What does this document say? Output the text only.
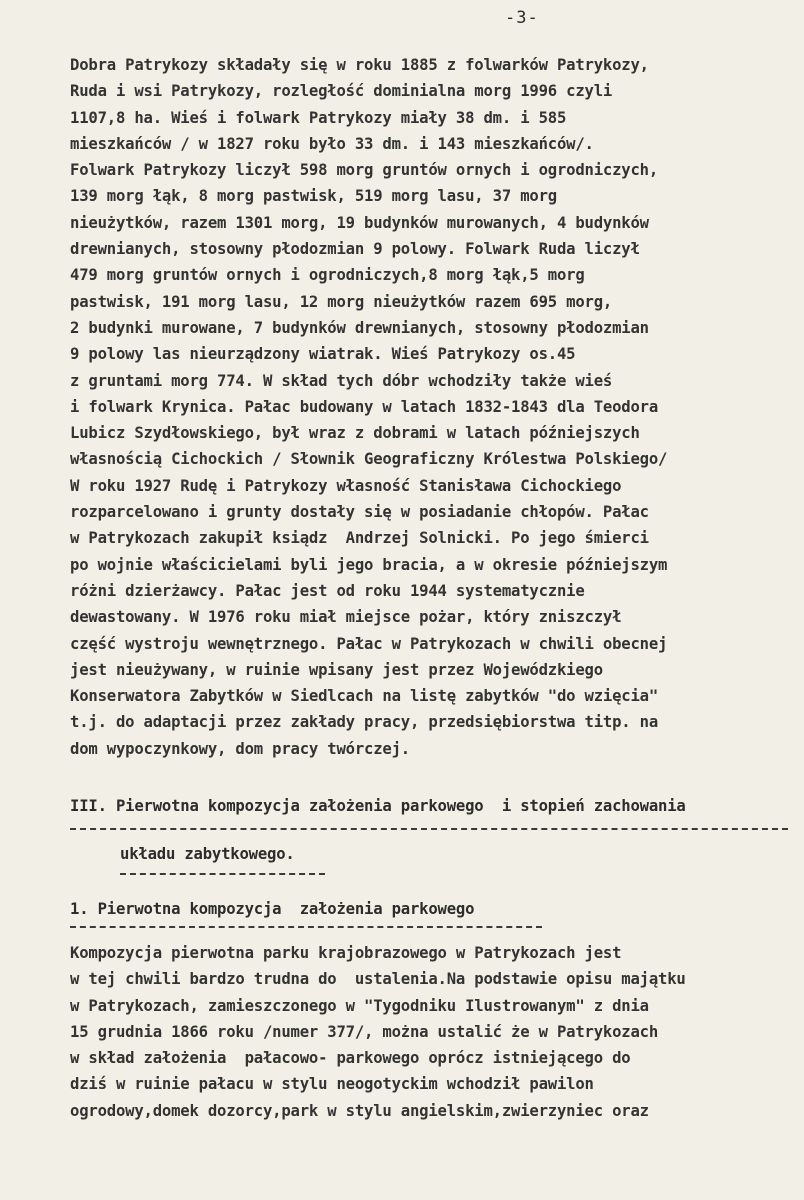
-3-

Dobra Patrykozy składały się w roku 1885 z folwarków Patrykozy,

Ruda i wsi Patrykozy, rozległość dominialna morg 1996 czyli

1107,8 ha. Wieś i folwark Patrykozy miały 38 dm. i 585

mieszkańców / w 1827 roku było 33 dm. i 143 mieszkańców/.

Folwark Patrykozy liczył 598 morg gruntów ornych i ogrodniczych,

139 morg łąk, 8 morg pastwisk, 519 morg lasu, 37 morg

nieużytków, razem 1301 morg, 19 budynków murowanych, 4 budynków

drewnianych, stosowny płodozmian 9 polowy. Folwark Ruda liczył

479 morg gruntów ornych i ogrodniczych,8 morg łąk,5 morg

pastwisk, 191 morg lasu, 12 morg nieużytków razem 695 morg,

2 budynki murowane, 7 budynków drewnianych, stosowny płodozmian

9 polowy las nieurządzony wiatrak. Wieś Patrykozy os.45

z gruntami morg 774. W skład tych dóbr wchodziły także wieś

i folwark Krynica. Pałac budowany w latach 1832-1843 dla Teodora

Lubicz Szydłowskiego, był wraz z dobrami w latach późniejszych

własnością Cichockich / Słownik Geograficzny Królestwa Polskiego/

W roku 1927 Rudę i Patrykozy własność Stanisława Cichockiego

rozparcelowano i grunty dostały się w posiadanie chłopów. Pałac

w Patrykozach zakupił ksiądz  Andrzej Solnicki. Po jego śmierci

po wojnie właścicielami byli jego bracia, a w okresie późniejszym

różni dzierżawcy. Pałac jest od roku 1944 systematycznie

dewastowany. W 1976 roku miał miejsce pożar, który zniszczył

część wystroju wewnętrznego. Pałac w Patrykozach w chwili obecnej

jest nieużywany, w ruinie wpisany jest przez Wojewódzkiego

Konserwatora Zabytków w Siedlcach na listę zabytków "do wzięcia"

t.j. do adaptacji przez zakłady pracy, przedsiębiorstwa titp. na

dom wypoczynkowy, dom pracy twórczej.

III. Pierwotna kompozycja założenia parkowego  i stopień zachowania
układu zabytkowego.
1. Pierwotna kompozycja  założenia parkowego

Kompozycja pierwotna parku krajobrazowego w Patrykozach jest

w tej chwili bardzo trudna do  ustalenia.Na podstawie opisu majątku

w Patrykozach, zamieszczonego w "Tygodniku Ilustrowanym" z dnia

15 grudnia 1866 roku /numer 377/, można ustalić że w Patrykozach

w skład założenia  pałacowo- parkowego oprócz istniejącego do

dziś w ruinie pałacu w stylu neogotyckim wchodził pawilon

ogrodowy,domek dozorcy,park w stylu angielskim,zwierzyniec oraz
